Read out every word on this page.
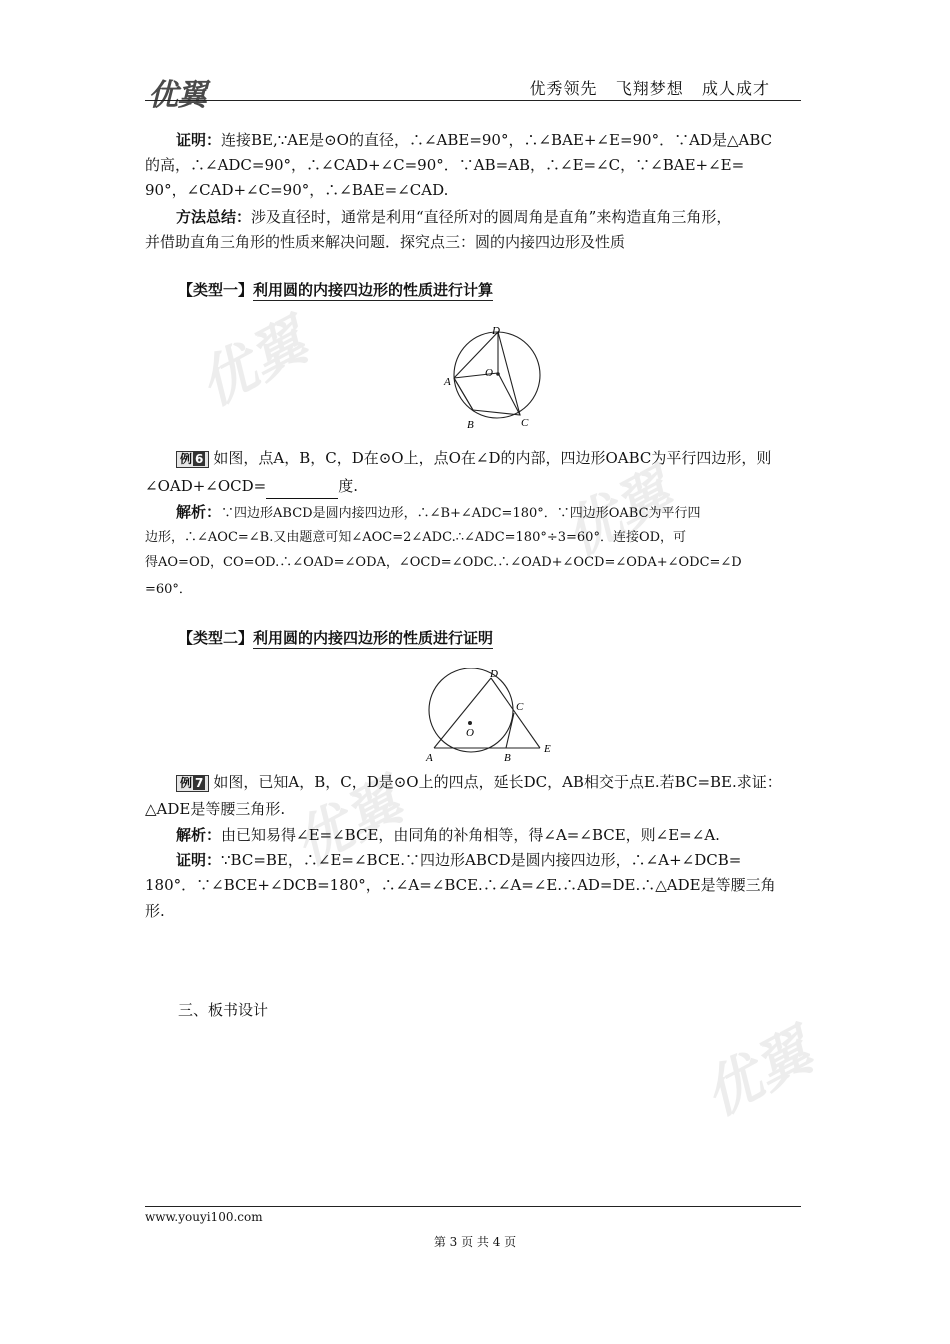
优翼
优翼
优翼
优翼
优翼	优秀领先   飞翔梦想   成人成才
证明：连接BE,∵AE是⊙O的直径，∴∠ABE=90°，∴∠BAE+∠E=90°．∵AD是△ABC
的高，∴∠ADC=90°，∴∠CAD+∠C=90°．∵AB=AB，∴∠E=∠C，∵∠BAE+∠E=
90°，∠CAD+∠C=90°，∴∠BAE=∠CAD.
方法总结：涉及直径时，通常是利用“直径所对的圆周角是直角”来构造直角三角形，
并借助直角三角形的性质来解决问题．探究点三：圆的内接四边形及性质
【类型一】利用圆的内接四边形的性质进行计算
D
A
O
B	C
例 6 如图，点A，B，C，D在⊙O上，点O在∠D的内部，四边形OABC为平行四边形，则
∠OAD+∠OCD=	度.
解析：∵四边形ABCD是圆内接四边形，∴∠B+∠ADC=180°．∵四边形OABC为平行四
边形，∴∠AOC=∠B.又由题意可知∠AOC=2∠ADC.∴∠ADC=180°÷3=60°．连接OD，可
得AO=OD，CO=OD.∴∠OAD=∠ODA，∠OCD=∠ODC.∴∠OAD+∠OCD=∠ODA+∠ODC=∠D
=60°．
【类型二】利用圆的内接四边形的性质进行证明
D
C
O
A	B
E
例 7 如图，已知A，B，C，D是⊙O上的四点，延长DC，AB相交于点E.若BC=BE.求证：
△ADE是等腰三角形.
解析：由已知易得∠E=∠BCE，由同角的补角相等，得∠A=∠BCE，则∠E=∠A.
证明：∵BC=BE，∴∠E=∠BCE.∵四边形ABCD是圆内接四边形，∴∠A+∠DCB=
180°．∵∠BCE+∠DCB=180°，∴∠A=∠BCE.∴∠A=∠E.∴AD=DE.∴△ADE是等腰三角
形.
三、板书设计
www.youyi100.com
第 3 页 共 4 页
